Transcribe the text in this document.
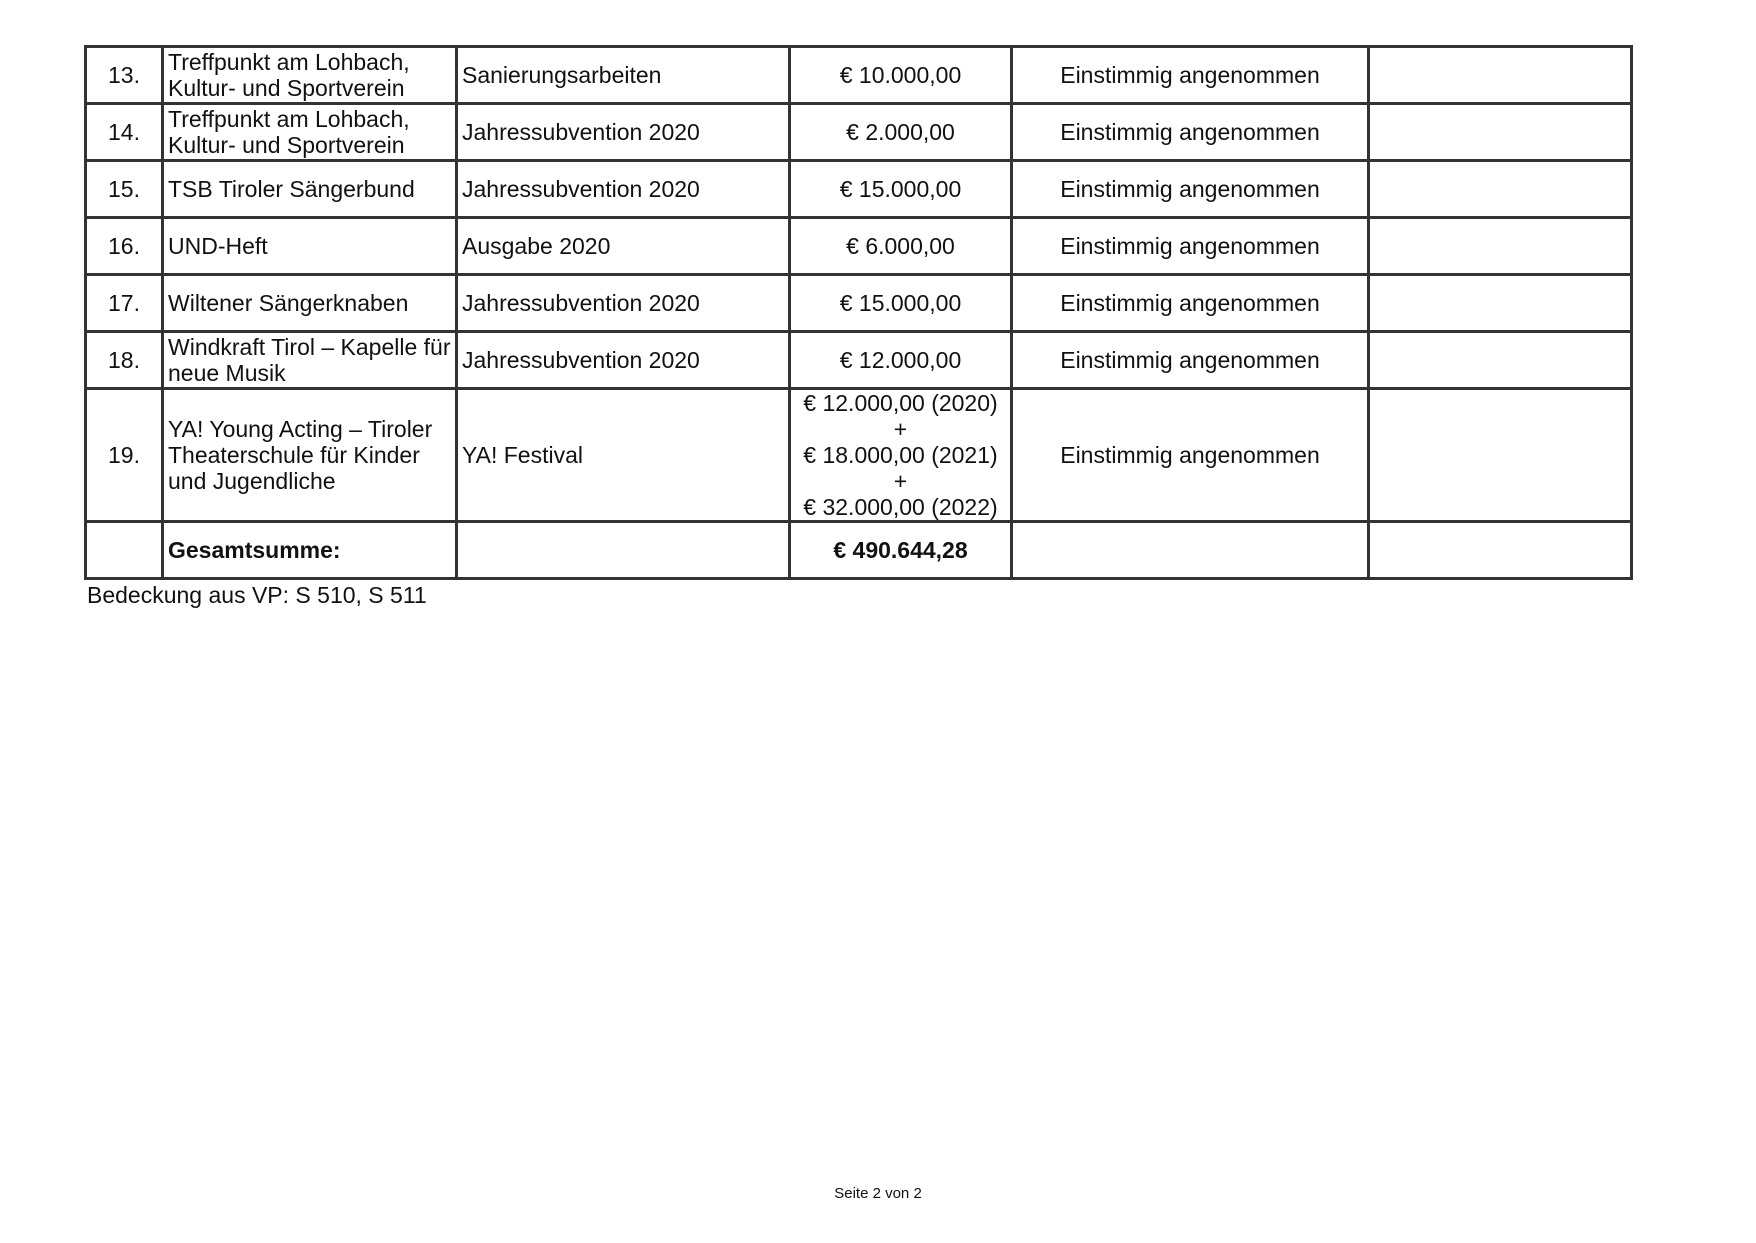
13.	Treffpunkt am Lohbach, Kultur- und Sportverein	Sanierungsarbeiten	€ 10.000,00	Einstimmig angenommen	
14.	Treffpunkt am Lohbach, Kultur- und Sportverein	Jahressubvention 2020	€ 2.000,00	Einstimmig angenommen	
15.	TSB Tiroler Sängerbund	Jahressubvention 2020	€ 15.000,00	Einstimmig angenommen	
16.	UND-Heft	Ausgabe 2020	€ 6.000,00	Einstimmig angenommen	
17.	Wiltener Sängerknaben	Jahressubvention 2020	€ 15.000,00	Einstimmig angenommen	
18.	Windkraft Tirol – Kapelle für neue Musik	Jahressubvention 2020	€ 12.000,00	Einstimmig angenommen	
19.	YA! Young Acting – Tiroler Theaterschule für Kinder und Jugendliche	YA! Festival	€ 12.000,00 (2020) +
€ 18.000,00 (2021) +
€ 32.000,00 (2022)	Einstimmig angenommen	
	Gesamtsumme:		€ 490.644,28		
Bedeckung aus VP: S 510, S 511
Seite 2 von 2
